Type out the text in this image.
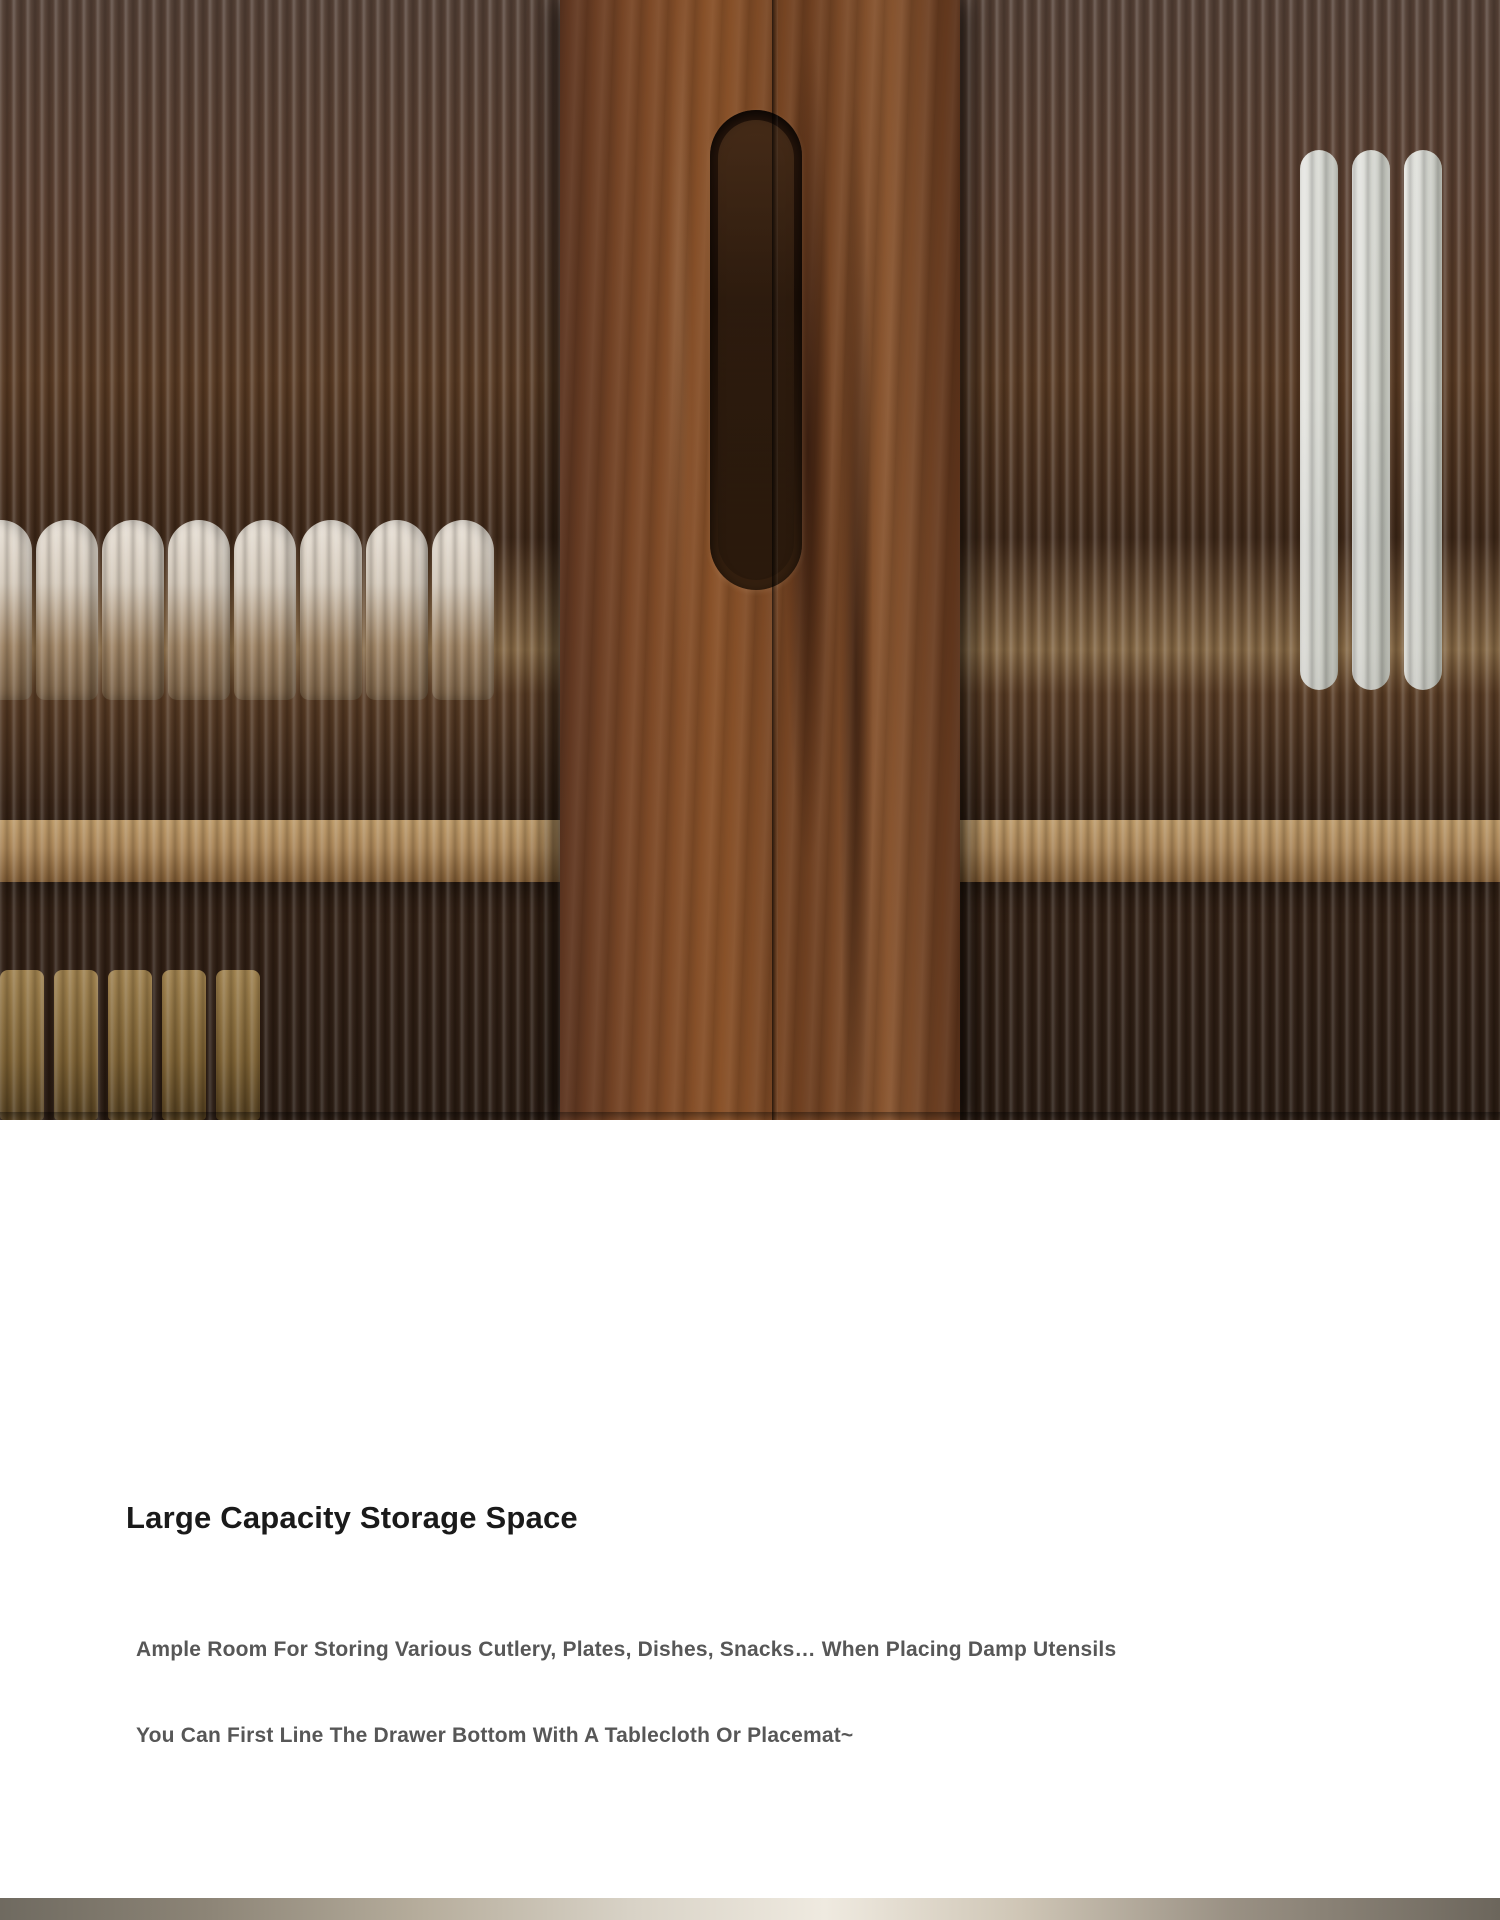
Large Capacity Storage Space
Ample Room For Storing Various Cutlery, Plates, Dishes, Snacks… When Placing Damp Utensils
You Can First Line The Drawer Bottom With A Tablecloth Or Placemat~
